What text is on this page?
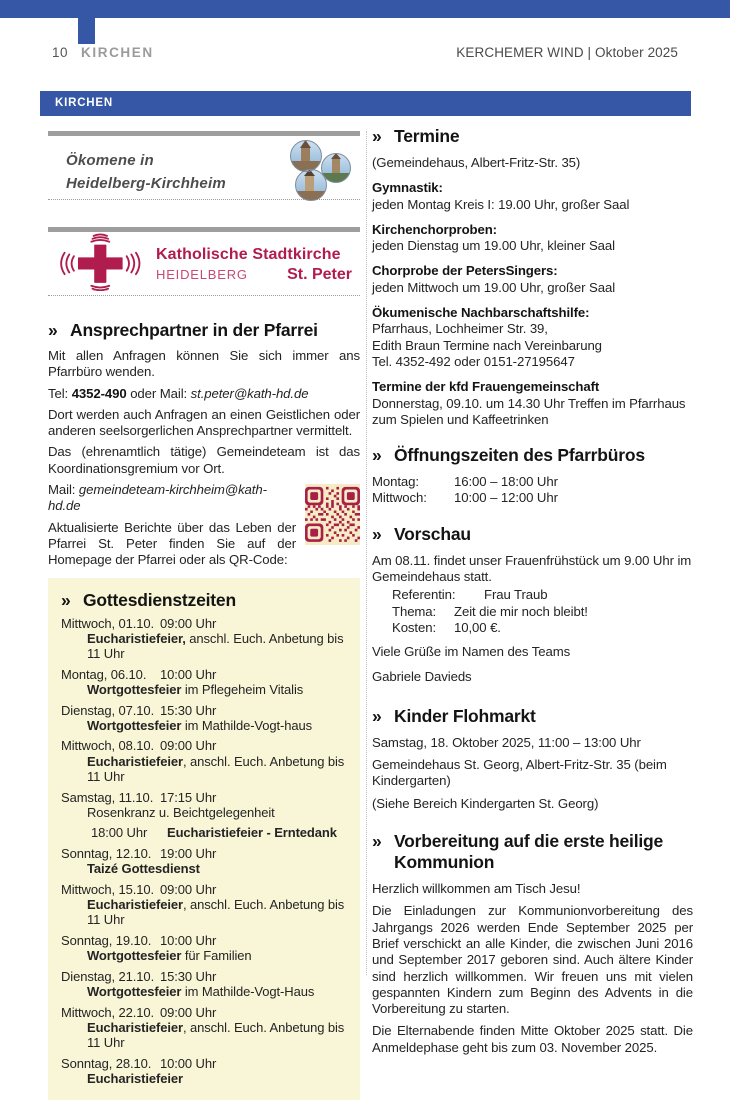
10 KIRCHEN	KERCHEMER WIND | Oktober 2025
KIRCHEN
Ökomene in
Heidelberg-Kirchheim
Katholische Stadtkirche
HEIDELBERG St. Peter
» Ansprechpartner in der Pfarrei

Mit allen Anfragen können Sie sich immer ans Pfarrbüro wenden.

Tel: 4352-490 oder Mail: st.peter@kath-hd.de

Dort werden auch Anfragen an einen Geistlichen oder anderen seelsorgerlichen Ansprechpartner vermittelt.

Das (ehrenamtlich tätige) Gemeindeteam ist das Koordinationsgremium vor Ort.

Mail: gemeindeteam-kirchheim@kath-hd.de

Aktualisierte Berichte über das Leben der Pfarrei St. Peter finden Sie auf der Homepage der Pfarrei oder als QR-Code:

» Gottesdienstzeiten
Mittwoch, 01.10. 09:00 Uhr
Eucharistiefeier, anschl. Euch. Anbetung bis 11 Uhr
Montag, 06.10.	10:00 Uhr
Wortgottesfeier im Pflegeheim Vitalis
Dienstag, 07.10. 15:30 Uhr
Wortgottesfeier im Mathilde-Vogt-haus
Mittwoch, 08.10. 09:00 Uhr
Eucharistiefeier, anschl. Euch. Anbetung bis 11 Uhr
Samstag, 11.10. 17:15 Uhr
Rosenkranz u. Beichtgelegenheit
18:00 Uhr	Eucharistiefeier - Erntedank
Sonntag, 12.10. 19:00 Uhr
Taizé Gottesdienst
Mittwoch, 15.10. 09:00 Uhr
Eucharistiefeier, anschl. Euch. Anbetung bis 11 Uhr
Sonntag, 19.10. 10:00 Uhr
Wortgottesfeier für Familien
Dienstag, 21.10. 15:30 Uhr
Wortgottesfeier im Mathilde-Vogt-Haus
Mittwoch, 22.10. 09:00 Uhr
Eucharistiefeier, anschl. Euch. Anbetung bis 11 Uhr
Sonntag, 28.10. 10:00 Uhr
Eucharistiefeier
» Termine
(Gemeindehaus, Albert-Fritz-Str. 35)
Gymnastik:
jeden Montag Kreis I: 19.00 Uhr, großer Saal
Kirchenchorproben:
jeden Dienstag um 19.00 Uhr, kleiner Saal
Chorprobe der PetersSingers:
jeden Mittwoch um 19.00 Uhr, großer Saal
Ökumenische Nachbarschaftshilfe:
Pfarrhaus, Lochheimer Str. 39,
Edith Braun Termine nach Vereinbarung
Tel. 4352-492 oder 0151-27195647
Termine der kfd Frauengemeinschaft
Donnerstag, 09.10. um 14.30 Uhr Treffen im Pfarrhaus
zum Spielen und Kaffeetrinken
» Öffnungszeiten des Pfarrbüros
Montag:	16:00 – 18:00 Uhr
Mittwoch:	10:00 – 12:00 Uhr
» Vorschau

Am 08.11. findet unser Frauenfrühstück um 9.00 Uhr im Gemeindehaus statt.

Referentin:	Frau Traub
Thema:	Zeit die mir noch bleibt!
Kosten:	10,00 €.
Viele Grüße im Namen des Teams
Gabriele Davieds
» Kinder Flohmarkt
Samstag, 18. Oktober 2025, 11:00 – 13:00 Uhr
Gemeindehaus St. Georg, Albert-Fritz-Str. 35 (beim Kindergarten)
(Siehe Bereich Kindergarten St. Georg)
» Vorbereitung auf die erste heilige Kommunion
Herzlich willkommen am Tisch Jesu!

Die Einladungen zur Kommunionvorbereitung des Jahrgangs 2026 werden Ende September 2025 per Brief verschickt an alle Kinder, die zwischen Juni 2016 und September 2017 geboren sind. Auch ältere Kinder sind herzlich willkommen. Wir freuen uns mit vielen gespannten Kindern zum Beginn des Advents in die Vorbereitung zu starten.

Die Elternabende finden Mitte Oktober 2025 statt. Die Anmeldephase geht bis zum 03. November 2025.
